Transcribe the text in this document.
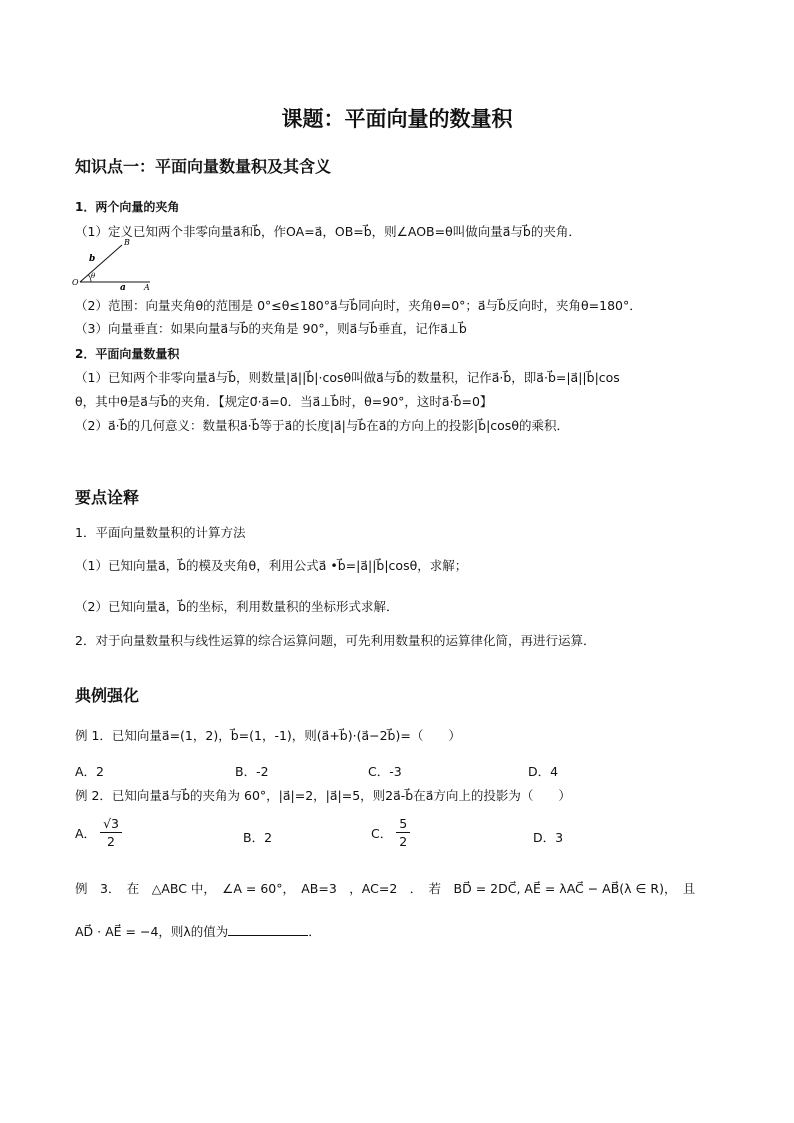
课题：平面向量的数量积
知识点一：平面向量数量积及其含义
1．两个向量的夹角
（1）定义已知两个非零向量a⃗和b⃗，作OA=a⃗，OB=b⃗，则∠AOB=θ叫做向量a⃗与b⃗的夹角．
B
b
θ
O
a A
（2）范围：向量夹角θ的范围是 0°≤θ≤180°a⃗与b⃗同向时，夹角θ=0°；a⃗与b⃗反向时，夹角θ=180°．
（3）向量垂直：如果向量a⃗与b⃗的夹角是 90°，则a⃗与b⃗垂直，记作a⃗⊥b⃗
2．平面向量数量积
（1）已知两个非零向量a⃗与b⃗，则数量|a⃗||b⃗|·cosθ叫做a⃗与b⃗的数量积，记作a⃗·b⃗，即a⃗·b⃗=|a⃗||b⃗|cos
θ，其中θ是a⃗与b⃗的夹角．【规定0⃗·a⃗=0．当a⃗⊥b⃗时，θ=90°，这时a⃗·b⃗=0】
（2）a⃗·b⃗的几何意义：数量积a⃗·b⃗等于a⃗的长度|a⃗|与b⃗在a⃗的方向上的投影|b⃗|cosθ的乘积．
要点诠释
1．平面向量数量积的计算方法
（1）已知向量a⃗，b⃗的模及夹角θ，利用公式a⃗ •b⃗=|a⃗||b⃗|cosθ，求解；
（2）已知向量a⃗，b⃗的坐标，利用数量积的坐标形式求解．
2．对于向量数量积与线性运算的综合运算问题，可先利用数量积的运算律化简，再进行运算．
典例强化
例 1．已知向量a⃗=(1，2)，b⃗=(1，-1)，则(a⃗+b⃗)·(a⃗−2b⃗)=（　　）
A．2	B．-2	C．-3	D．4
例 2．已知向量a⃗与b⃗的夹角为 60°，|a⃗|=2，|a⃗|=5，则2a⃗-b⃗在a⃗方向上的投影为（　　）
A． $\frac{√3}{2}$	B．2	C． $\frac{5}{2}$	D．3
例　3．　在　△ABC 中，　∠A = 60°，　AB=3　，AC=2　．　若　BD⃗ = 2DC⃗, AE⃗ = λAC⃗ − AB⃗(λ ∈ R)，　且
AD⃗ · AE⃗ = −4，则λ的值为	．
